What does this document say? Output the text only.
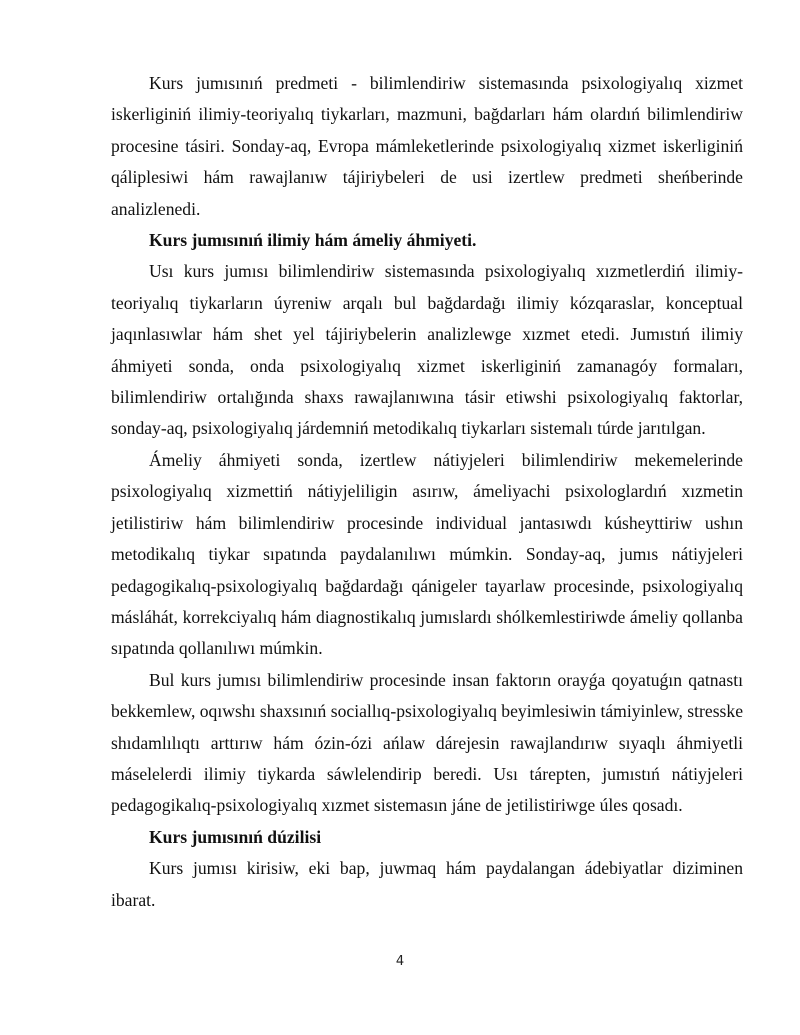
Kurs jumısınıń predmeti - bilimlendiriw sistemasında psixologiyalıq xizmet iskerliginiń ilimiy-teoriyalıq tiykarları, mazmuni, bağdarları hám olardıń bilimlendiriw procesine tásiri. Sonday-aq, Evropa mámleketlerinde psixologiyalıq xizmet iskerliginiń qáliplesiwi hám rawajlanıw tájiriybeleri de usi izertlew predmeti sheńberinde analizlenedi.

Kurs jumısınıń ilimiy hám ámeliy áhmiyeti.

Usı kurs jumısı bilimlendiriw sistemasında psixologiyalıq xızmetlerdiń ilimiy-teoriyalıq tiykarların úyreniw arqalı bul bağdardağı ilimiy kózqaraslar, konceptual jaqınlasıwlar hám shet yel tájiriybelerin analizlewge xızmet etedi. Jumıstıń ilimiy áhmiyeti sonda, onda psixologiyalıq xizmet iskerliginiń zamanagóy formaları, bilimlendiriw ortalığında shaxs rawajlanıwına tásir etiwshi psixologiyalıq faktorlar, sonday-aq, psixologiyalıq járdemniń metodikalıq tiykarları sistemalı túrde jarıtılgan.

Ámeliy áhmiyeti sonda, izertlew nátiyjeleri bilimlendiriw mekemelerinde psixologiyalıq xizmettiń nátiyjeliligin asırıw, ámeliyachi psixologlardıń xızmetin jetilistiriw hám bilimlendiriw procesinde individual jantasıwdı kúsheyttiriw ushın metodikalıq tiykar sıpatında paydalanılıwı múmkin. Sonday-aq, jumıs nátiyjeleri pedagogikalıq-psixologiyalıq bağdardağı qánigeler tayarlaw procesinde, psixologiyalıq másláhát, korrekciyalıq hám diagnostikalıq jumıslardı shólkemlestiriwde ámeliy qollanba sıpatında qollanılıwı múmkin.

Bul kurs jumısı bilimlendiriw procesinde insan faktorın orayǵa qoyatuǵın qatnastı bekkemlew, oqıwshı shaxsınıń sociallıq-psixologiyalıq beyimlesiwin támiyinlew, stresske shıdamlılıqtı arttırıw hám ózin-ózi ańlaw dárejesin rawajlandırıw sıyaqlı áhmiyetli máselelerdi ilimiy tiykarda sáwlelendirip beredi. Usı tárepten, jumıstıń nátiyjeleri pedagogikalıq-psixologiyalıq xızmet sistemasın jáne de jetilistiriwge úles qosadı.

Kurs jumısınıń dúzilisi

Kurs jumısı kirisiw, eki bap, juwmaq hám paydalangan ádebiyatlar diziminen ibarat.

4
